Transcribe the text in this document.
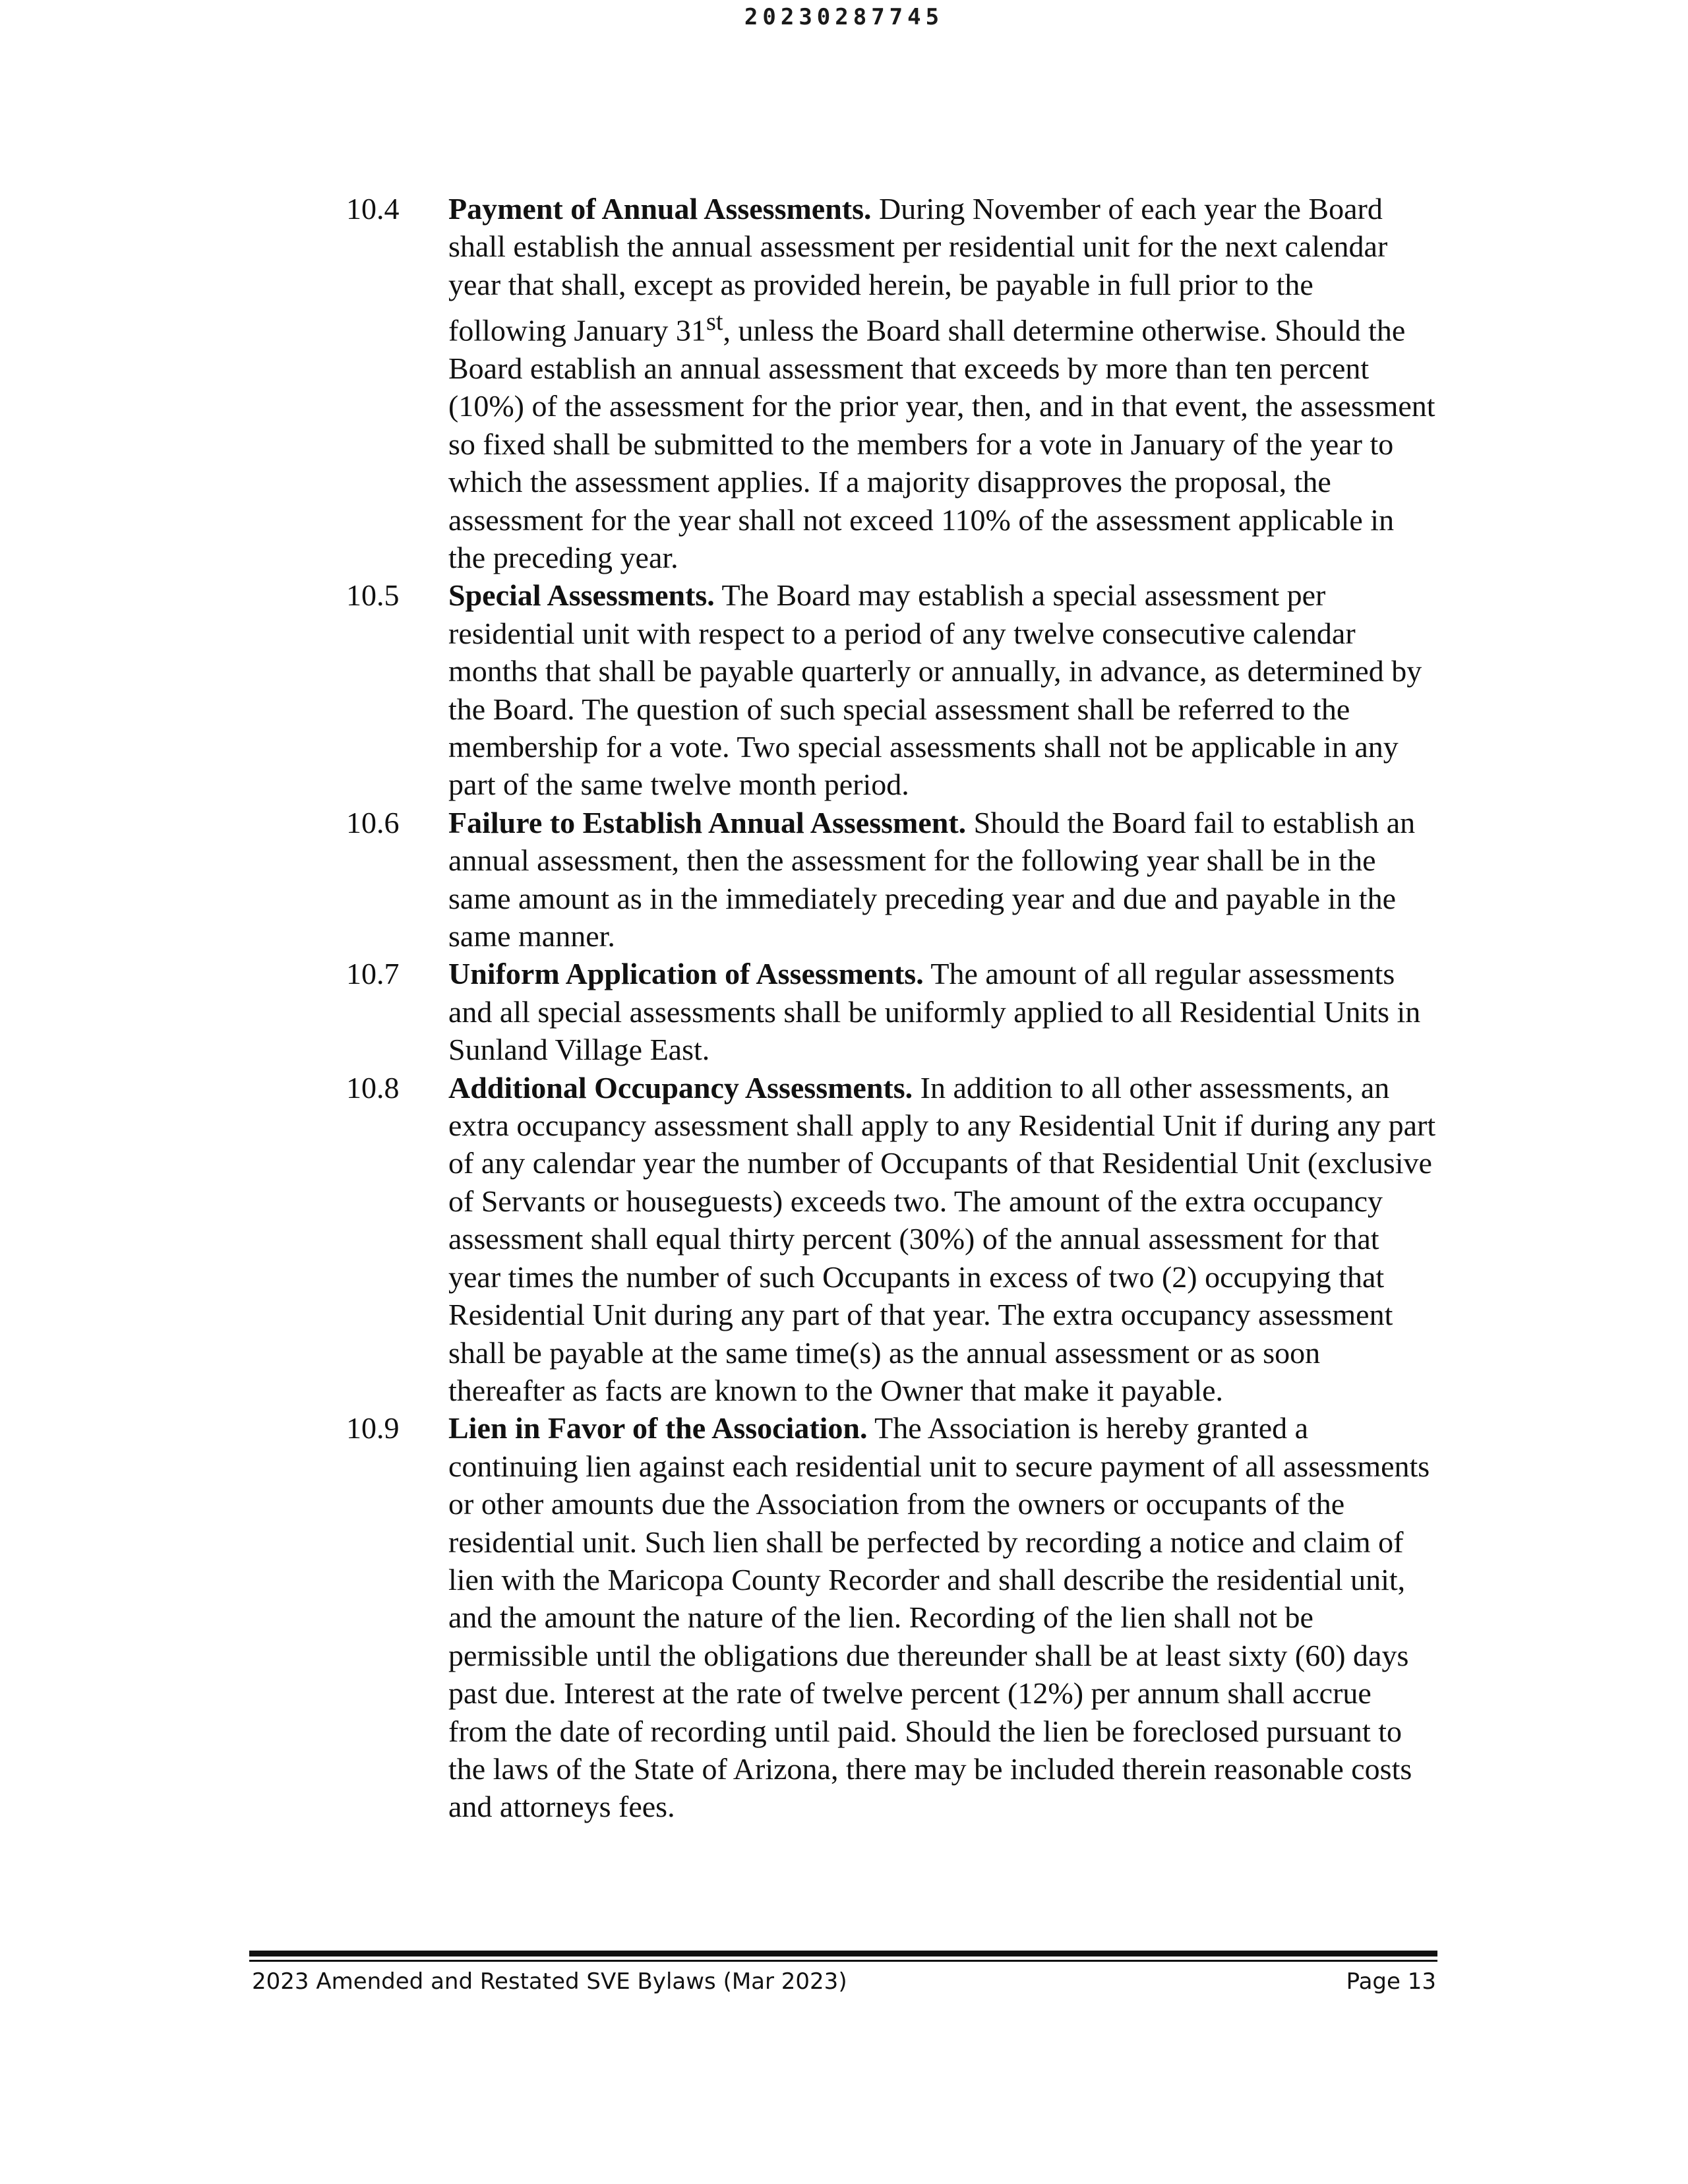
20230287745
10.4	Payment of Annual Assessments. During November of each year the Board shall establish the annual assessment per residential unit for the next calendar year that shall, except as provided herein, be payable in full prior to the following January 31st, unless the Board shall determine otherwise. Should the Board establish an annual assessment that exceeds by more than ten percent (10%) of the assessment for the prior year, then, and in that event, the assessment so fixed shall be submitted to the members for a vote in January of the year to which the assessment applies. If a majority disapproves the proposal, the assessment for the year shall not exceed 110% of the assessment applicable in the preceding year.
10.5	Special Assessments. The Board may establish a special assessment per residential unit with respect to a period of any twelve consecutive calendar months that shall be payable quarterly or annually, in advance, as determined by the Board. The question of such special assessment shall be referred to the membership for a vote. Two special assessments shall not be applicable in any part of the same twelve month period.
10.6	Failure to Establish Annual Assessment. Should the Board fail to establish an annual assessment, then the assessment for the following year shall be in the same amount as in the immediately preceding year and due and payable in the same manner.
10.7	Uniform Application of Assessments. The amount of all regular assessments and all special assessments shall be uniformly applied to all Residential Units in Sunland Village East.
10.8	Additional Occupancy Assessments. In addition to all other assessments, an extra occupancy assessment shall apply to any Residential Unit if during any part of any calendar year the number of Occupants of that Residential Unit (exclusive of Servants or houseguests) exceeds two. The amount of the extra occupancy assessment shall equal thirty percent (30%) of the annual assessment for that year times the number of such Occupants in excess of two (2) occupying that Residential Unit during any part of that year. The extra occupancy assessment shall be payable at the same time(s) as the annual assessment or as soon thereafter as facts are known to the Owner that make it payable.
10.9	Lien in Favor of the Association. The Association is hereby granted a continuing lien against each residential unit to secure payment of all assessments or other amounts due the Association from the owners or occupants of the residential unit. Such lien shall be perfected by recording a notice and claim of lien with the Maricopa County Recorder and shall describe the residential unit, and the amount the nature of the lien. Recording of the lien shall not be permissible until the obligations due thereunder shall be at least sixty (60) days past due. Interest at the rate of twelve percent (12%) per annum shall accrue from the date of recording until paid. Should the lien be foreclosed pursuant to the laws of the State of Arizona, there may be included therein reasonable costs and attorneys fees.
2023 Amended and Restated SVE Bylaws (Mar 2023)	Page 13
